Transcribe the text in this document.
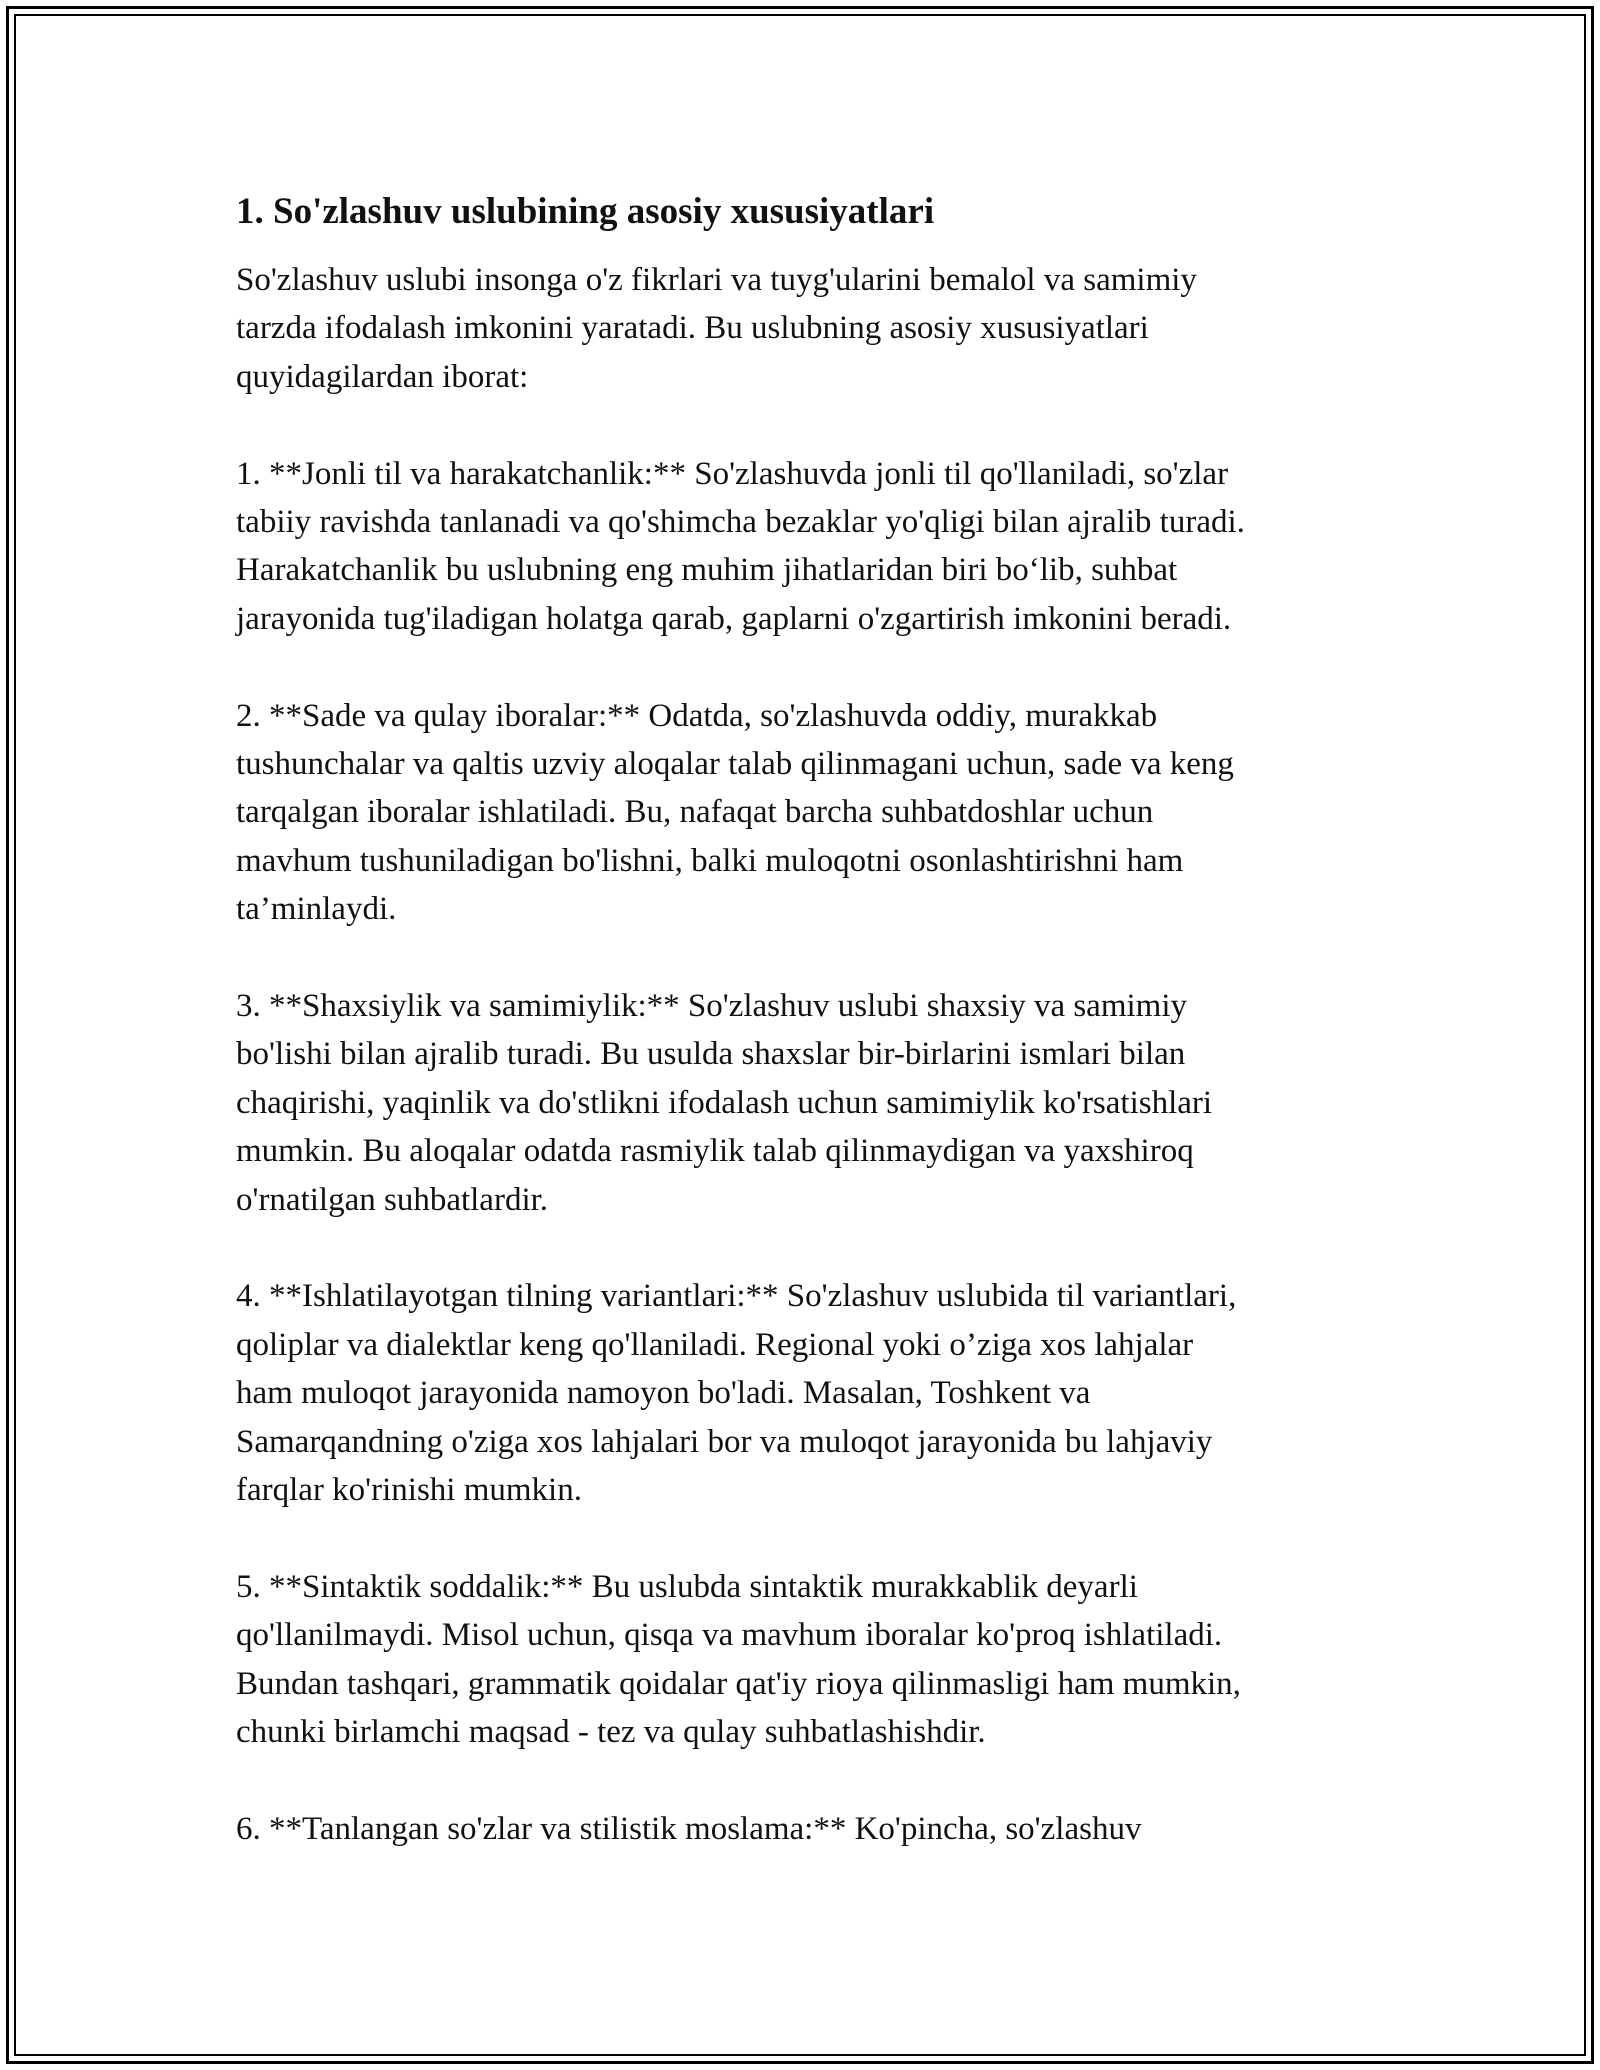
1. So'zlashuv uslubining asosiy xususiyatlari

So'zlashuv uslubi insonga o'z fikrlari va tuyg'ularini bemalol va samimiy
tarzda ifodalash imkonini yaratadi. Bu uslubning asosiy xususiyatlari
quyidagilardan iborat:

1. **Jonli til va harakatchanlik:** So'zlashuvda jonli til qo'llaniladi, so'zlar
tabiiy ravishda tanlanadi va qo'shimcha bezaklar yo'qligi bilan ajralib turadi.
Harakatchanlik bu uslubning eng muhim jihatlaridan biri bo‘lib, suhbat
jarayonida tug'iladigan holatga qarab, gaplarni o'zgartirish imkonini beradi.

2. **Sade va qulay iboralar:** Odatda, so'zlashuvda oddiy, murakkab
tushunchalar va qaltis uzviy aloqalar talab qilinmagani uchun, sade va keng
tarqalgan iboralar ishlatiladi. Bu, nafaqat barcha suhbatdoshlar uchun
mavhum tushuniladigan bo'lishni, balki muloqotni osonlashtirishni ham
ta’minlaydi.

3. **Shaxsiylik va samimiylik:** So'zlashuv uslubi shaxsiy va samimiy
bo'lishi bilan ajralib turadi. Bu usulda shaxslar bir-birlarini ismlari bilan
chaqirishi, yaqinlik va do'stlikni ifodalash uchun samimiylik ko'rsatishlari
mumkin. Bu aloqalar odatda rasmiylik talab qilinmaydigan va yaxshiroq
o'rnatilgan suhbatlardir.

4. **Ishlatilayotgan tilning variantlari:** So'zlashuv uslubida til variantlari,
qoliplar va dialektlar keng qo'llaniladi. Regional yoki o’ziga xos lahjalar
ham muloqot jarayonida namoyon bo'ladi. Masalan, Toshkent va
Samarqandning o'ziga xos lahjalari bor va muloqot jarayonida bu lahjaviy
farqlar ko'rinishi mumkin.

5. **Sintaktik soddalik:** Bu uslubda sintaktik murakkablik deyarli
qo'llanilmaydi. Misol uchun, qisqa va mavhum iboralar ko'proq ishlatiladi.
Bundan tashqari, grammatik qoidalar qat'iy rioya qilinmasligi ham mumkin,
chunki birlamchi maqsad - tez va qulay suhbatlashishdir.

6. **Tanlangan so'zlar va stilistik moslama:** Ko'pincha, so'zlashuv
